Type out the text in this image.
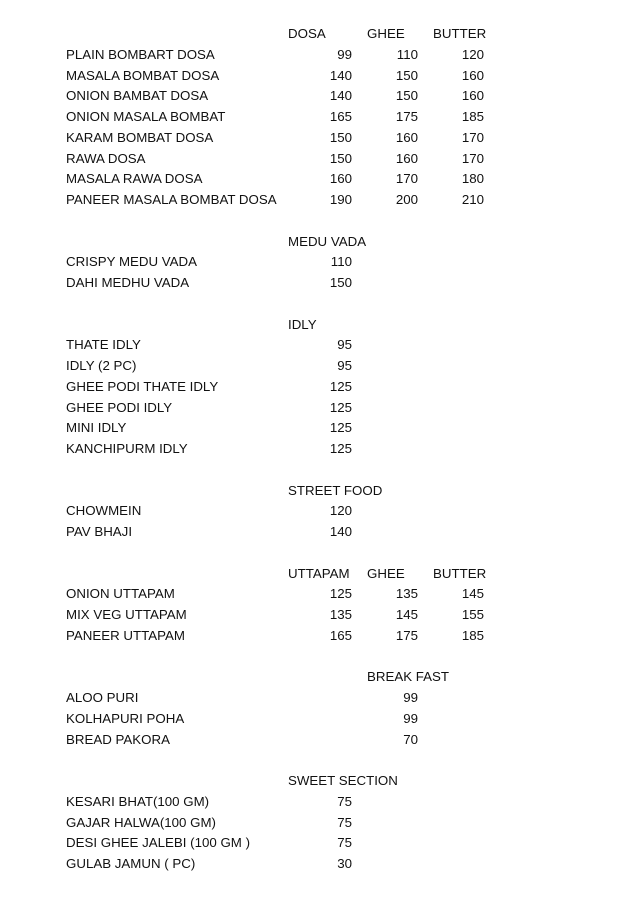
DOSA	GHEE BUTTER
PLAIN BOMBART DOSA	99	110	120
MASALA BOMBAT DOSA	140	150	160
ONION BAMBAT DOSA	140	150	160
ONION MASALA BOMBAT	165	175	185
KARAM BOMBAT DOSA	150	160	170
RAWA DOSA	150	160	170
MASALA RAWA DOSA	160	170	180
PANEER MASALA BOMBAT DOSA	190	200	210
MEDU VADA
CRISPY MEDU VADA	110
DAHI MEDHU VADA	150
IDLY
THATE IDLY	95
IDLY (2 PC)	95
GHEE PODI THATE IDLY	125
GHEE PODI IDLY	125
MINI IDLY	125
KANCHIPURM IDLY	125
STREET FOOD
CHOWMEIN	120
PAV BHAJI	140
UTTAPAM GHEE BUTTER
ONION UTTAPAM	125	135	145
MIX VEG UTTAPAM	135	145	155
PANEER UTTAPAM	165	175	185
BREAK FAST
ALOO PURI	99
KOLHAPURI POHA	99
BREAD PAKORA	70
SWEET SECTION
KESARI BHAT(100 GM)	75
GAJAR HALWA(100 GM)	75
DESI GHEE JALEBI (100 GM )	75
GULAB JAMUN ( PC)	30
